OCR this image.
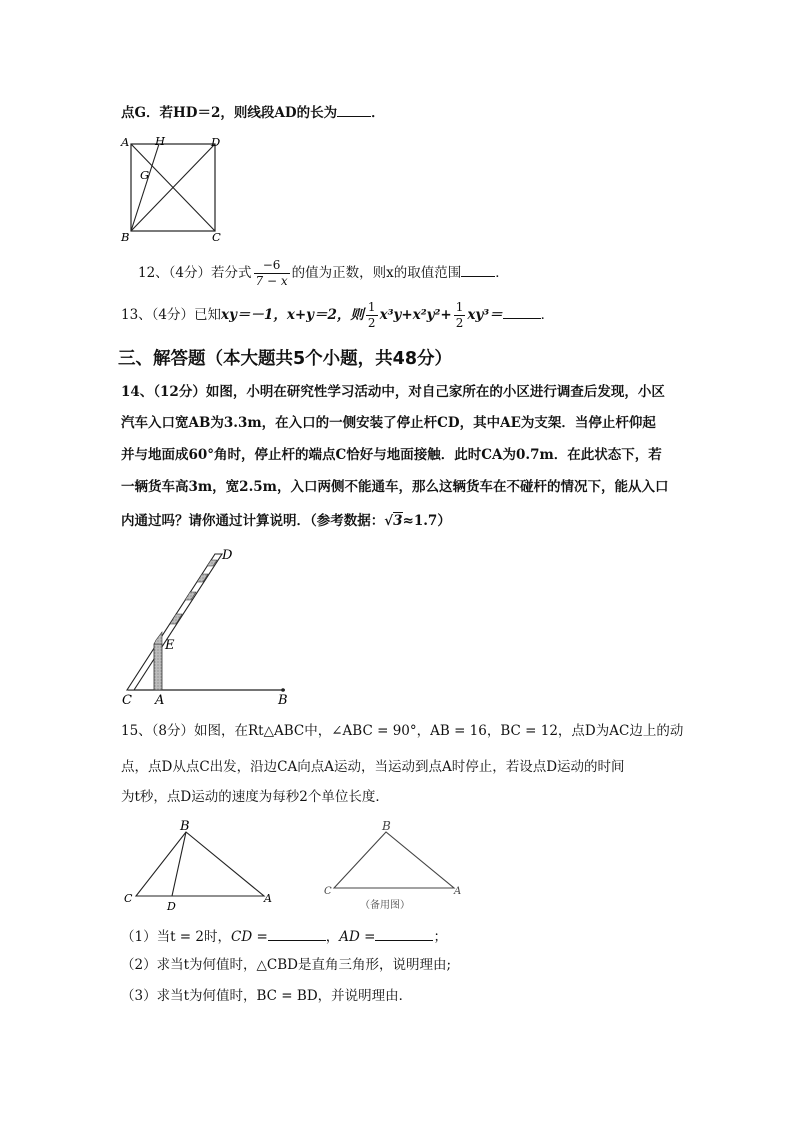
点G．若HD＝2，则线段AD的长为	．
A H	D
G
B	C
12、（4分）若分式 $\frac{-6}{7 - x}$ 的值为正数，则x的取值范围	．
13、（4分）已知xy＝－1，x+y＝2，则 $\frac{1}{2} x^3y+x^2y^2+ \frac{1}{2} xy^3=$	．
三、解答题（本大题共5个小题，共48分）
14、（12分）如图，小明在研究性学习活动中，对自己家所在的小区进行调查后发现，小区
汽车入口宽AB为3.3m，在入口的一侧安装了停止杆CD，其中AE为支架．当停止杆仰起
并与地面成60°角时，停止杆的端点C恰好与地面接触．此时CA为0.7m．在此状态下，若
一辆货车高3m，宽2.5m，入口两侧不能通车，那么这辆货车在不碰杆的情况下，能从入口
内通过吗？请你通过计算说明．（参考数据：√3≈1.7）
D
E
C A	B
15、（8分）如图，在Rt△ABC中，∠ABC = 90°，AB = 16，BC = 12，点D为AC边上的动
点，点D从点C出发，沿边CA向点A运动，当运动到点A时停止，若设点D运动的时间
为t秒，点D运动的速度为每秒2个单位长度．
B
C
D
A
B
C	A
（备用图）
（1）当t = 2时，CD =	，AD =	；
（2）求当t为何值时，△CBD是直角三角形，说明理由;
（3）求当t为何值时，BC = BD，并说明理由．
